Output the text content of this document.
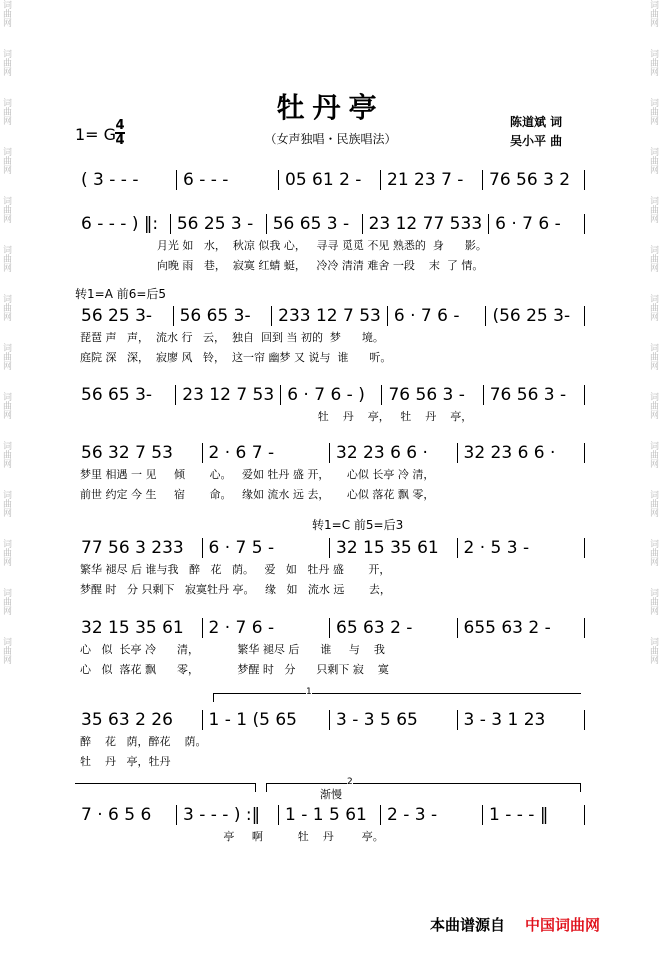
词曲网
词曲网
词曲网
词曲网
词曲网
词曲网
词曲网
词曲网
词曲网
词曲网
词曲网
词曲网
词曲网
词曲网
词曲网
词曲网
词曲网
词曲网
词曲网
词曲网
词曲网
词曲网
词曲网
词曲网
词曲网
词曲网
词曲网
词曲网
牡丹亭
（女声独唱・民族唱法）
陈道斌 词
吴小平 曲
1= G 4
4
转1=A 前6=后5
转1=C 前5=后3
渐慢
1
2
( 3 - - -	6 - - -	05 61 2 -	21 23 7 -	76 56 3 2
6 - - - ) ‖:	56 25 3 -	56 65 3 -	23 12 77 533 6 · 7 6 -
月光 如   水，  秋凉 似我 心，   寻寻 觅觅 不见 熟悉的  身      影。
向晚 雨   巷，  寂寞 红蜻 蜓，   冷冷 清清 难舍 一段    末  了 情。
56 25 3-	56 65 3-	233 12 7 53 6 · 7 6 -	(56 25 3-
琵琶 声   声，  流水 行   云，  独自  回到 当 初的  梦      境。
庭院 深   深，  寂廖 风   铃，  这一帘 幽梦 又 说与  谁      听。
56 65 3-	23 12 7 53 6 · 7 6 - )	76 56 3 -	76 56 3 -
牡    丹    亭，   牡    丹    亭，
56 32 7 53	2 · 6 7 -	32 23 6 6 ·	32 23 6 6 ·
梦里 相遇 一 见     倾       心。   爱如 牡丹 盛 开，     心似 长亭 冷 清，
前世 约定 今 生     宿       命。   缘如 流水 远 去，     心似 落花 飘 零，
77 56 3 233	6 · 7 5 -	32 15 35 61	2 · 5 3 -
繁华 褪尽 后 谁与我   醉   花   荫。   爱   如   牡丹 盛       开，
梦醒 时   分 只剩下   寂寞牡丹 亭。   缘   如   流水 远       去，
32 15 35 61	2 · 7 6 -	65 63 2 -	655 63 2 -
心   似  长亭 冷      清，           繁华 褪尽 后      谁     与    我
心   似  落花 飘      零，           梦醒 时   分      只剩下 寂    寞
35 63 2 26	1 - 1 (5 65	3 - 3 5 65	3 - 3 1 23
醉    花   荫，醉花    荫。
牡    丹   亭，牡丹
7 · 6 5 6	3 - - - ) :‖	1 - 1 5 61	2 - 3 -	1 - - - ‖
亭     啊          牡    丹        亭。
本曲谱源自 中国词曲网
